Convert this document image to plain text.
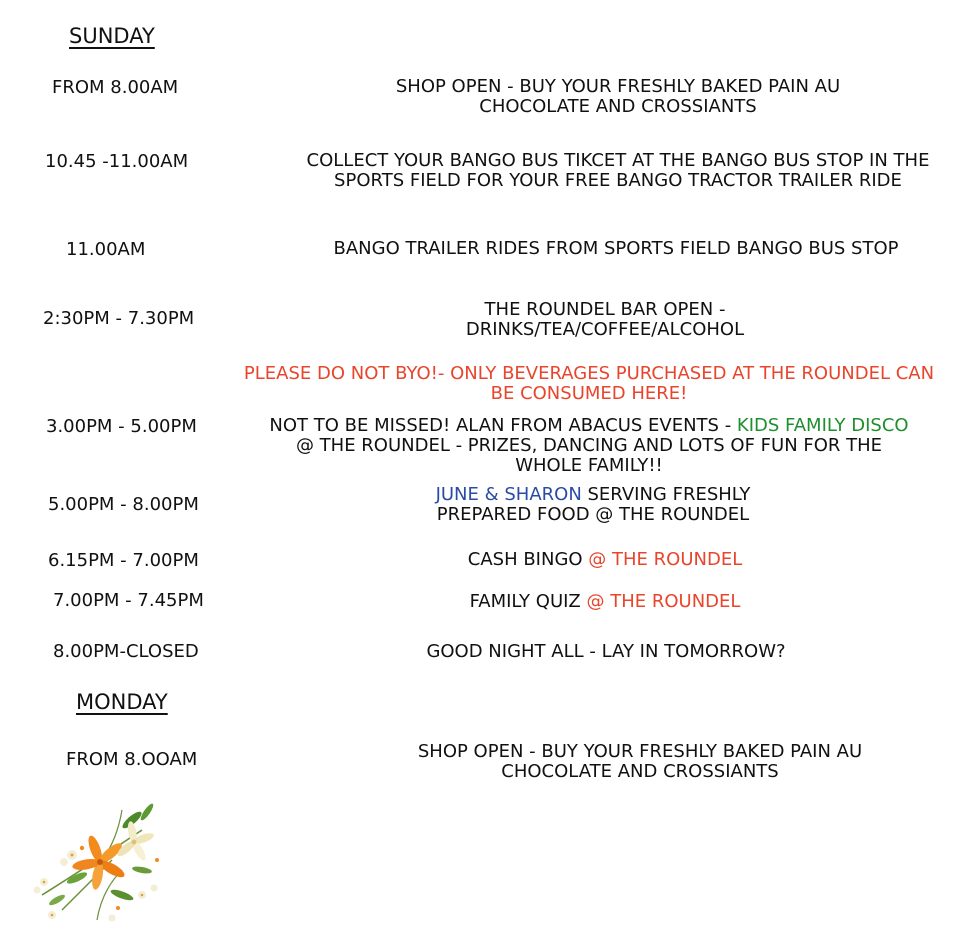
SUNDAY
FROM 8.00AM	SHOP OPEN - BUY YOUR FRESHLY BAKED PAIN AU
CHOCOLATE AND CROSSIANTS
10.45 -11.00AM	COLLECT YOUR BANGO BUS TIKCET AT THE BANGO BUS STOP IN THE
SPORTS FIELD FOR YOUR FREE BANGO TRACTOR TRAILER RIDE
11.00AM	BANGO TRAILER RIDES FROM SPORTS FIELD BANGO BUS STOP
2:30PM - 7.30PM	THE ROUNDEL BAR OPEN -
DRINKS/TEA/COFFEE/ALCOHOL
PLEASE DO NOT BYO!- ONLY BEVERAGES PURCHASED AT THE ROUNDEL CAN
BE CONSUMED HERE!
3.00PM - 5.00PM	NOT TO BE MISSED! ALAN FROM ABACUS EVENTS - KIDS FAMILY DISCO
@ THE ROUNDEL - PRIZES, DANCING AND LOTS OF FUN FOR THE
WHOLE FAMILY!!
5.00PM - 8.00PM	JUNE & SHARON SERVING FRESHLY
PREPARED FOOD @ THE ROUNDEL
6.15PM - 7.00PM	CASH BINGO @ THE ROUNDEL
7.00PM - 7.45PM	FAMILY QUIZ @ THE ROUNDEL
8.00PM-CLOSED	GOOD NIGHT ALL - LAY IN TOMORROW?
MONDAY
FROM 8.OOAM	SHOP OPEN - BUY YOUR FRESHLY BAKED PAIN AU
CHOCOLATE AND CROSSIANTS
